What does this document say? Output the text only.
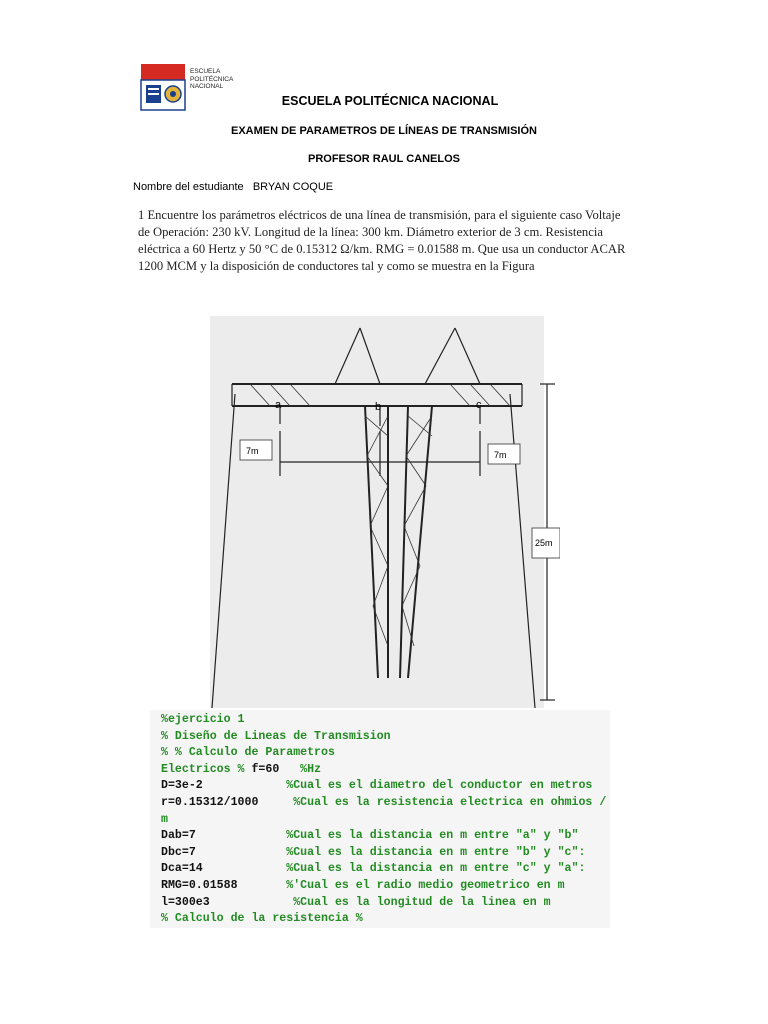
ESCUELA
POLITÉCNICA
NACIONAL
ESCUELA POLITÉCNICA NACIONAL
EXAMEN DE PARAMETROS DE LÍNEAS DE TRANSMISIÓN
PROFESOR RAUL CANELOS
Nombre del estudiante   BRYAN COQUE
1 Encuentre los parámetros eléctricos de una línea de transmisión, para el siguiente caso Voltaje
de Operación: 230 kV. Longitud de la línea: 300 km. Diámetro exterior de 3 cm. Resistencia
eléctrica a 60 Hertz y 50 °C de 0.15312 Ω/km. RMG = 0.01588 m. Que usa un conductor ACAR
1200 MCM y la disposición de conductores tal y como se muestra en la Figura
a	b	c
7m	7m
25m
%ejercicio 1
% Diseño de Lineas de Transmision
% % Calculo de Parametros
Electricos % f=60   %Hz
D=3e-2            %Cual es el diametro del conductor en metros
r=0.15312/1000     %Cual es la resistencia electrica en ohmios /
m
Dab=7             %Cual es la distancia en m entre "a" y "b"
Dbc=7             %Cual es la distancia en m entre "b" y "c":
Dca=14            %Cual es la distancia en m entre "c" y "a":
RMG=0.01588       %'Cual es el radio medio geometrico en m
l=300e3            %Cual es la longitud de la linea en m
% Calculo de la resistencia %
